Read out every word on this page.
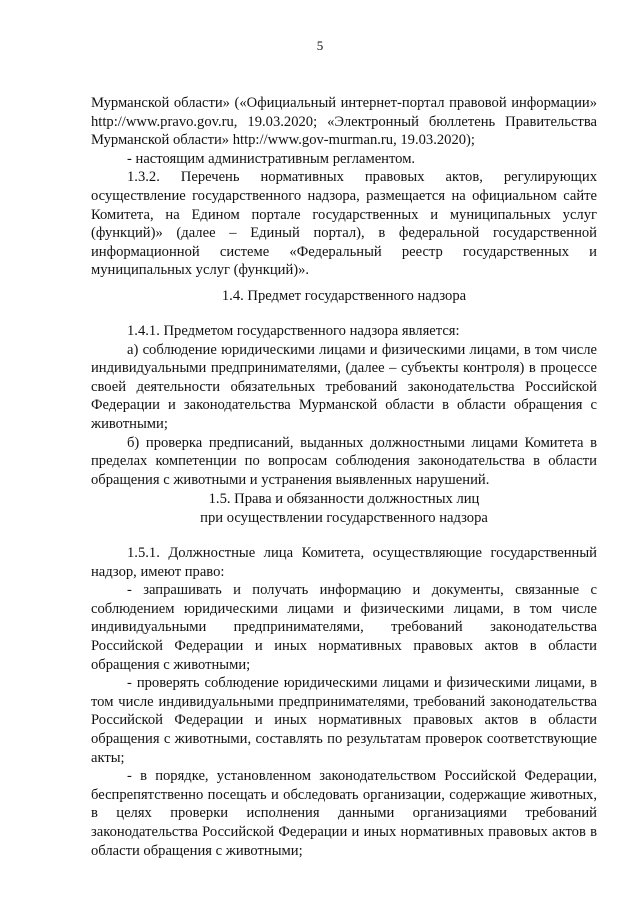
5

Мурманской области» («Официальный интернет-портал правовой информации» http://www.pravo.gov.ru, 19.03.2020; «Электронный бюллетень Правительства Мурманской области» http://www.gov-murman.ru, 19.03.2020);

- настоящим административным регламентом.

1.3.2. Перечень нормативных правовых актов, регулирующих осуществление государственного надзора, размещается на официальном сайте Комитета, на Едином портале государственных и муниципальных услуг (функций)» (далее – Единый портал), в федеральной государственной информационной системе «Федеральный реестр государственных и муниципальных услуг (функций)».

1.4. Предмет государственного надзора

1.4.1. Предметом государственного надзора является:

а) соблюдение юридическими лицами и физическими лицами, в том числе индивидуальными предпринимателями, (далее – субъекты контроля) в процессе своей деятельности обязательных требований законодательства Российской Федерации и законодательства Мурманской области в области обращения с животными;

б) проверка предписаний, выданных должностными лицами Комитета в пределах компетенции по вопросам соблюдения законодательства в области обращения с животными и устранения выявленных нарушений.

1.5. Права и обязанности должностных лиц

при осуществлении государственного надзора

1.5.1. Должностные лица Комитета, осуществляющие государственный надзор, имеют право:

- запрашивать и получать информацию и документы, связанные с соблюдением юридическими лицами и физическими лицами, в том числе индивидуальными предпринимателями, требований законодательства Российской Федерации и иных нормативных правовых актов в области обращения с животными;

- проверять соблюдение юридическими лицами и физическими лицами, в том числе индивидуальными предпринимателями, требований законодательства Российской Федерации и иных нормативных правовых актов в области обращения с животными, составлять по результатам проверок соответствующие акты;

- в порядке, установленном законодательством Российской Федерации, беспрепятственно посещать и обследовать организации, содержащие животных, в целях проверки исполнения данными организациями требований законодательства Российской Федерации и иных нормативных правовых актов в области обращения с животными;
